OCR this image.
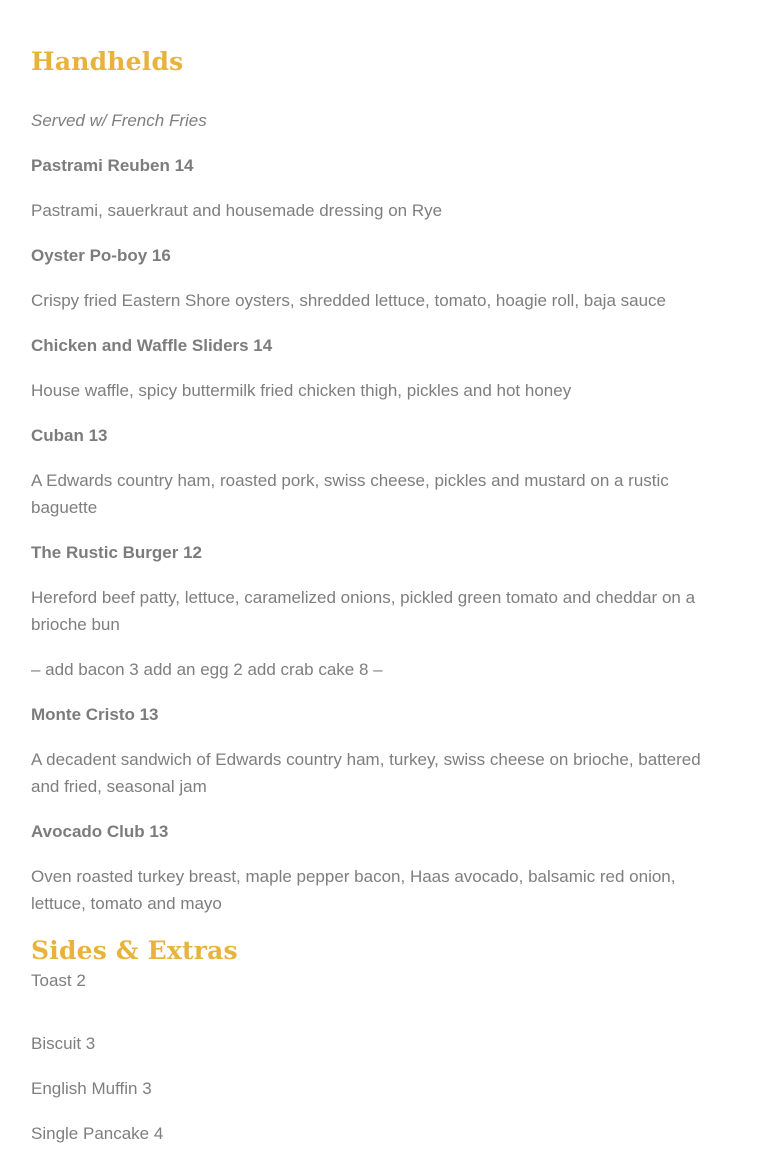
Handhelds

Served w/ French Fries

Pastrami Reuben 14

Pastrami, sauerkraut and housemade dressing on Rye

Oyster Po-boy 16

Crispy fried Eastern Shore oysters, shredded lettuce, tomato, hoagie roll, baja sauce

Chicken and Waffle Sliders 14

House waffle, spicy buttermilk fried chicken thigh, pickles and hot honey

Cuban 13

A Edwards country ham, roasted pork, swiss cheese, pickles and mustard on a rustic baguette

The Rustic Burger 12

Hereford beef patty, lettuce, caramelized onions, pickled green tomato and cheddar on a brioche bun

– add bacon 3 add an egg 2 add crab cake 8 –

Monte Cristo 13

A decadent sandwich of Edwards country ham, turkey, swiss cheese on brioche, battered and fried, seasonal jam

Avocado Club 13

Oven roasted turkey breast, maple pepper bacon, Haas avocado, balsamic red onion, lettuce, tomato and mayo

Sides & Extras

Toast 2

Biscuit 3

English Muffin 3

Single Pancake 4
